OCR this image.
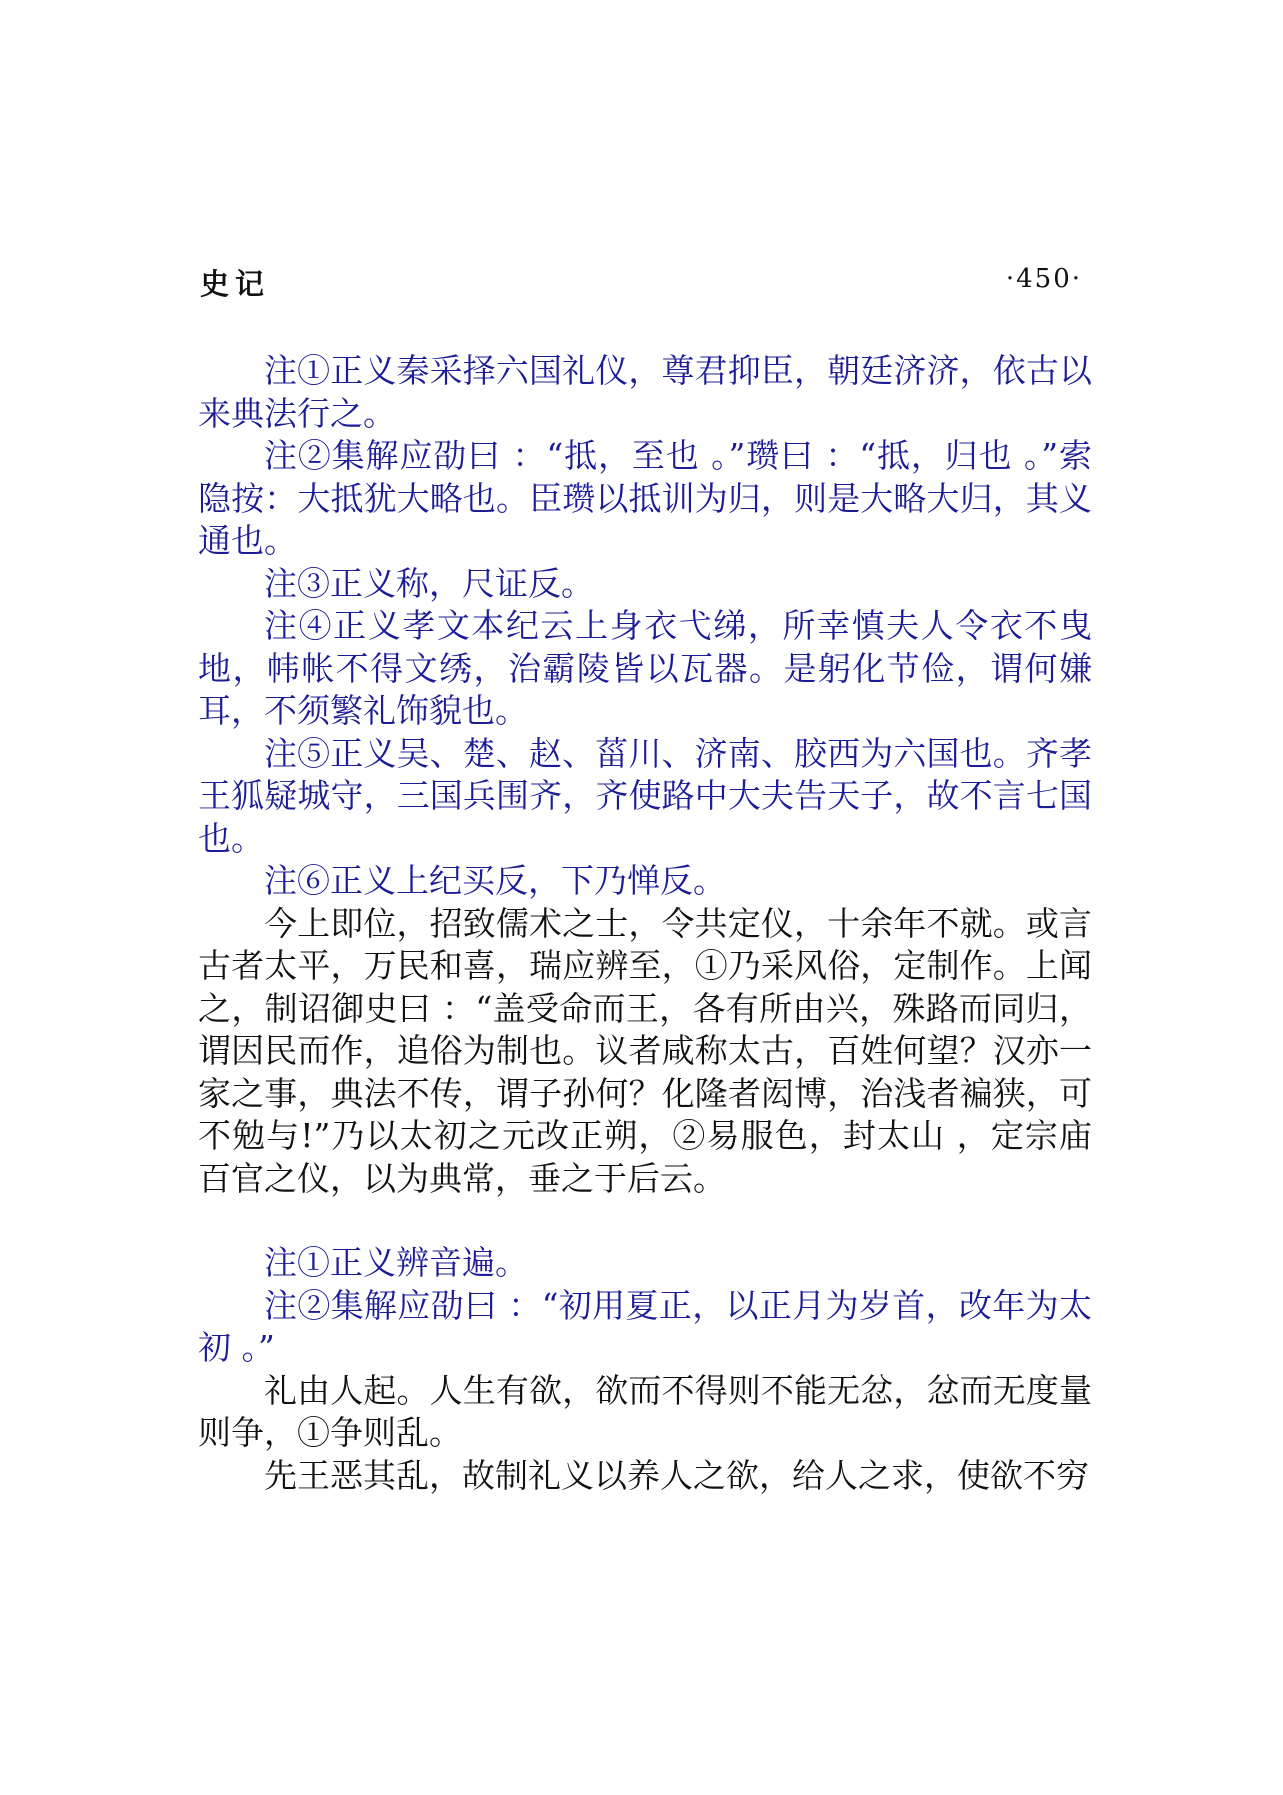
史记	·450·

注①正义秦采择六国礼仪，尊君抑臣，朝廷济济，依古以来典法行之。

注②集解应劭曰 ：“抵，至也 。”瓒曰 ：“抵，归也 。”索隐按：大抵犹大略也。臣瓒以抵训为归，则是大略大归，其义通也。

注③正义称，尺证反。

注④正义孝文本纪云上身衣弋绨，所幸慎夫人令衣不曳地，帏帐不得文绣，治霸陵皆以瓦器。是躬化节俭，谓何嫌耳，不须繁礼饰貌也。

注⑤正义吴、楚、赵、菑川、济南、胶西为六国也。齐孝王狐疑城守，三国兵围齐，齐使路中大夫告天子，故不言七国也。

注⑥正义上纪买反，下乃惮反。

今上即位，招致儒术之士，令共定仪，十余年不就。或言古者太平，万民和喜，瑞应辨至，①乃采风俗，定制作。上闻之，制诏御史曰 ：“盖受命而王，各有所由兴，殊路而同归，谓因民而作，追俗为制也。议者咸称太古，百姓何望？汉亦一家之事，典法不传，谓子孙何？化隆者闳博，治浅者褊狭，可不勉与!”乃以太初之元改正朔，②易服色，封太山 ，定宗庙百官之仪，以为典常，垂之于后云。

注①正义辨音遍。

注②集解应劭曰 ：“初用夏正，以正月为岁首，改年为太初 。”

礼由人起。人生有欲，欲而不得则不能无忿，忿而无度量则争，①争则乱。

先王恶其乱，故制礼义以养人之欲，给人之求，使欲不穷
